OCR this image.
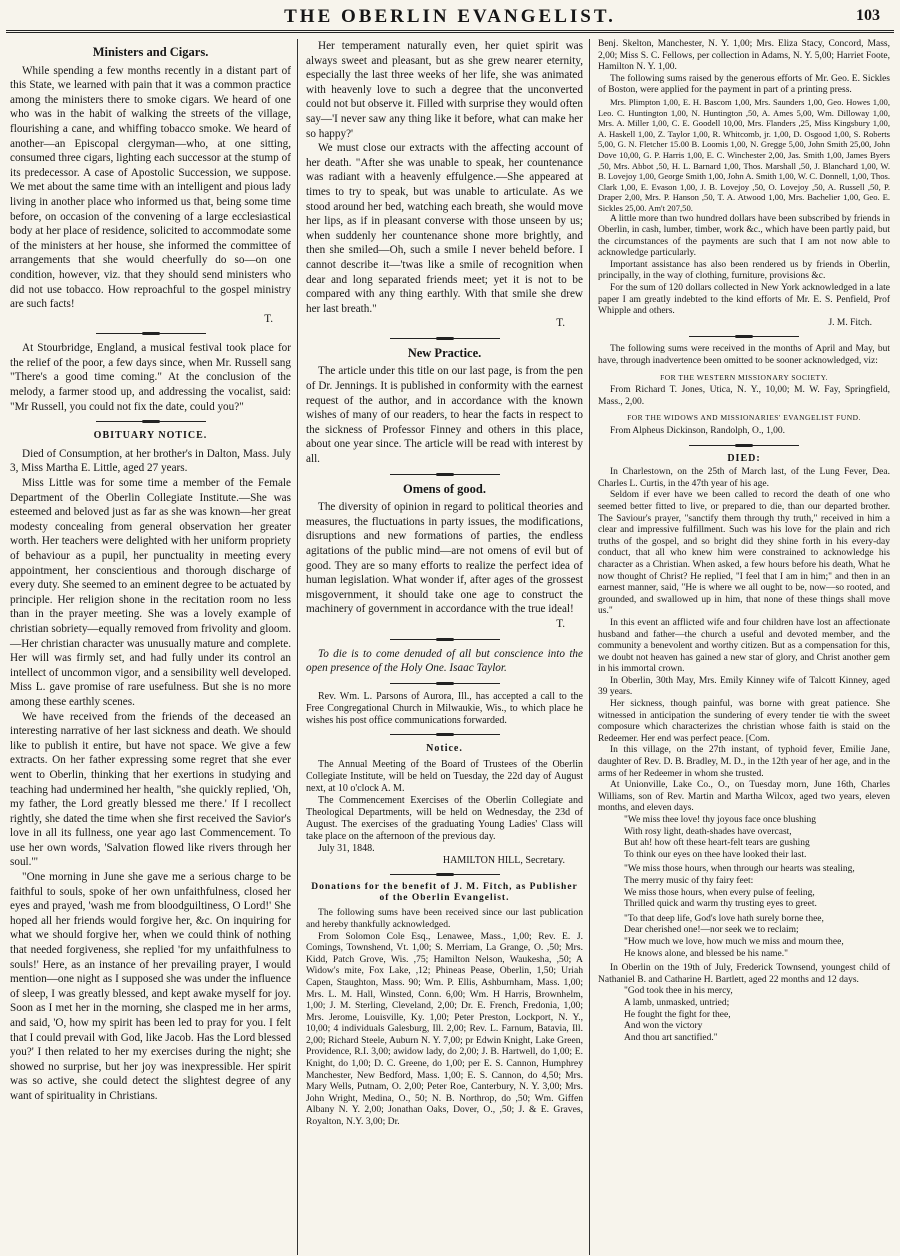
THE OBERLIN EVANGELIST.	103
Ministers and Cigars.

While spending a few months recently in a distant part of this State, we learned with pain that it was a common practice among the ministers there to smoke cigars. We heard of one who was in the habit of walking the streets of the village, flourishing a cane, and whiffing tobacco smoke. We heard of another—an Episcopal clergyman—who, at one sitting, consumed three cigars, lighting each successor at the stump of its predecessor. A case of Apostolic Succession, we suppose. We met about the same time with an intelligent and pious lady living in another place who informed us that, being some time before, on occasion of the convening of a large ecclesiastical body at her place of residence, solicited to accommodate some of the ministers at her house, she informed the committee of arrangements that she would cheerfully do so—on one condition, however, viz. that they should send ministers who did not use tobacco. How reproachful to the gospel ministry are such facts!

T.

At Stourbridge, England, a musical festival took place for the relief of the poor, a few days since, when Mr. Russell sang "There's a good time coming." At the conclusion of the melody, a farmer stood up, and addressing the vocalist, said: "Mr Russell, you could not fix the date, could you?"

OBITUARY NOTICE.

Died of Consumption, at her brother's in Dalton, Mass. July 3, Miss Martha E. Little, aged 27 years.

Miss Little was for some time a member of the Female Department of the Oberlin Collegiate Institute.—She was esteemed and beloved just as far as she was known—her great modesty concealing from general observation her greater worth. Her teachers were delighted with her uniform propriety of behaviour as a pupil, her punctuality in meeting every appointment, her conscientious and thorough discharge of every duty. She seemed to an eminent degree to be actuated by principle. Her religion shone in the recitation room no less than in the prayer meeting. She was a lovely example of christian sobriety—equally removed from frivolity and gloom.—Her christian character was unusually mature and complete. Her will was firmly set, and had fully under its control an intellect of uncommon vigor, and a sensibility well developed. Miss L. gave promise of rare usefulness. But she is no more among these earthly scenes.

We have received from the friends of the deceased an interesting narrative of her last sickness and death. We should like to publish it entire, but have not space. We give a few extracts. On her father expressing some regret that she ever went to Oberlin, thinking that her exertions in studying and teaching had undermined her health, "she quickly replied, 'Oh, my father, the Lord greatly blessed me there.' If I recollect rightly, she dated the time when she first received the Savior's love in all its fullness, one year ago last Commencement. To use her own words, 'Salvation flowed like rivers through her soul.'"

"One morning in June she gave me a serious charge to be faithful to souls, spoke of her own unfaithfulness, closed her eyes and prayed, 'wash me from bloodguiltiness, O Lord!' She hoped all her friends would forgive her, &c. On inquiring for what we should forgive her, when we could think of nothing that needed forgiveness, she replied 'for my unfaithfulness to souls!' Here, as an instance of her prevailing prayer, I would mention—one night as I supposed she was under the influence of sleep, I was greatly blessed, and kept awake myself for joy. Soon as I met her in the morning, she clasped me in her arms, and said, 'O, how my spirit has been led to pray for you. I felt that I could prevail with God, like Jacob. Has the Lord blessed you?' I then related to her my exercises during the night; she showed no surprise, but her joy was inexpressible. Her spirit was so active, she could detect the slightest degree of any want of spirituality in Christians.

Her temperament naturally even, her quiet spirit was always sweet and pleasant, but as she grew nearer eternity, especially the last three weeks of her life, she was animated with heavenly love to such a degree that the unconverted could not but observe it. Filled with surprise they would often say—'I never saw any thing like it before, what can make her so happy?'

We must close our extracts with the affecting account of her death. "After she was unable to speak, her countenance was radiant with a heavenly effulgence.—She appeared at times to try to speak, but was unable to articulate. As we stood around her bed, watching each breath, she would move her lips, as if in pleasant converse with those unseen by us; when suddenly her countenance shone more brightly, and then she smiled—Oh, such a smile I never beheld before. I cannot describe it—'twas like a smile of recognition when dear and long separated friends meet; yet it is not to be compared with any thing earthly. With that smile she drew her last breath."

T.
New Practice.

The article under this title on our last page, is from the pen of Dr. Jennings. It is published in conformity with the earnest request of the author, and in accordance with the known wishes of many of our readers, to hear the facts in respect to the sickness of Professor Finney and others in this place, about one year since. The article will be read with interest by all.

Omens of good.

The diversity of opinion in regard to political theories and measures, the fluctuations in party issues, the modifications, disruptions and new formations of parties, the endless agitations of the public mind—are not omens of evil but of good. They are so many efforts to realize the perfect idea of human legislation. What wonder if, after ages of the grossest misgovernment, it should take one age to construct the machinery of government in accordance with the true ideal!

T.

To die is to come denuded of all but conscience into the open presence of the Holy One. Isaac Taylor.

Rev. Wm. L. Parsons of Aurora, Ill., has accepted a call to the Free Congregational Church in Milwaukie, Wis., to which place he wishes his post office communications forwarded.

Notice.

The Annual Meeting of the Board of Trustees of the Oberlin Collegiate Institute, will be held on Tuesday, the 22d day of August next, at 10 o'clock A. M.

The Commencement Exercises of the Oberlin Collegiate and Theological Departments, will be held on Wednesday, the 23d of August. The exercises of the graduating Young Ladies' Class will take place on the afternoon of the previous day.

July 31, 1848.

HAMILTON HILL, Secretary.
Donations for the benefit of J. M. Fitch, as Publisher of the Oberlin Evangelist.

The following sums have been received since our last publication and hereby thankfully acknowledged.

From Solomon Cole Esq., Lenawee, Mass., 1,00; Rev. E. J. Comings, Townshend, Vt. 1,00; S. Merriam, La Grange, O. ,50; Mrs. Kidd, Patch Grove, Wis. ,75; Hamilton Nelson, Waukesha, ,50; A Widow's mite, Fox Lake, ,12; Phineas Pease, Oberlin, 1,50; Uriah Capen, Staughton, Mass. 90; Wm. P. Ellis, Ashburnham, Mass. 1,00; Mrs. L. M. Hall, Winsted, Conn. 6,00; Wm. H Harris, Brownhelm, 1,00; J. M. Sterling, Cleveland, 2,00; Dr. E. French, Fredonia, 1,00; Mrs. Jerome, Louisville, Ky. 1,00; Peter Preston, Lockport, N. Y., 10,00; 4 individuals Galesburg, Ill. 2,00; Rev. L. Farnum, Batavia, Ill. 2,00; Richard Steele, Auburn N. Y. 7,00; pr Edwin Knight, Lake Green, Providence, R.I. 3,00; awidow lady, do 2,00; J. B. Hartwell, do 1,00; E. Knight, do 1,00; D. C. Greene, do 1,00; per E. S. Cannon, Humphrey Manchester, New Bedford, Mass. 1,00; E. S. Cannon, do 4,50; Mrs. Mary Wells, Putnam, O. 2,00; Peter Roe, Canterbury, N. Y. 3,00; Mrs. John Wright, Medina, O., 50; N. B. Northrop, do ,50; Wm. Giffen Albany N. Y. 2,00; Jonathan Oaks, Dover, O., ,50; J. & E. Graves, Royalton, N.Y. 3,00; Dr.

Benj. Skelton, Manchester, N. Y. 1,00; Mrs. Eliza Stacy, Concord, Mass, 2,00; Miss S. C. Fellows, per collection in Adams, N. Y. 5,00; Harriet Foote, Hamilton N. Y. 1,00.

The following sums raised by the generous efforts of Mr. Geo. E. Sickles of Boston, were applied for the payment in part of a printing press.

Mrs. Plimpton 1,00, E. H. Bascom 1,00, Mrs. Saunders 1,00, Geo. Howes 1,00, Leo. C. Huntington 1,00, N. Huntington ,50, A. Ames 5,00, Wm. Dilloway 1,00, Mrs. A. Miller 1,00, C. E. Goodell 10,00, Mrs. Flanders ,25, Miss Kingsbury 1,00, A. Haskell 1,00, Z. Taylor 1,00, R. Whitcomb, jr. 1,00, D. Osgood 1,00, S. Roberts 5,00, G. N. Fletcher 15.00 B. Loomis 1,00, N. Gregge 5,00, John Smith 25,00, John Dove 10,00, G. P. Harris 1,00, E. C. Winchester 2,00, Jas. Smith 1,00, James Byers ,50, Mrs. Abbot ,50, H. L. Barnard 1,00, Thos. Marshall ,50, J. Blanchard 1,00, W. B. Lovejoy 1,00, George Smith 1,00, John A. Smith 1,00, W. C. Donnell, 1,00, Thos. Clark 1,00, E. Evason 1,00, J. B. Lovejoy ,50, O. Lovejoy ,50, A. Russell ,50, P. Draper 2,00, Mrs. P. Hanson ,50, T. A. Atwood 1,00, Mrs. Bachelier 1,00, Geo. E. Sickles 25,00. Am't 207,50.

A little more than two hundred dollars have been subscribed by friends in Oberlin, in cash, lumber, timber, work &c., which have been partly paid, but the circumstances of the payments are such that I am not now able to acknowledge particularly.

Important assistance has also been rendered us by friends in Oberlin, principally, in the way of clothing, furniture, provisions &c.

For the sum of 120 dollars collected in New York acknowledged in a late paper I am greatly indebted to the kind efforts of Mr. E. S. Penfield, Prof Whipple and others.

J. M. Fitch.

The following sums were received in the months of April and May, but have, through inadvertence been omitted to be sooner acknowledged, viz:

FOR THE WESTERN MISSIONARY SOCIETY.

From Richard T. Jones, Utica, N. Y., 10,00; M. W. Fay, Springfield, Mass., 2,00.

FOR THE WIDOWS AND MISSIONARIES' EVANGELIST FUND.

From Alpheus Dickinson, Randolph, O., 1,00.

DIED:

In Charlestown, on the 25th of March last, of the Lung Fever, Dea. Charles L. Curtis, in the 47th year of his age.

Seldom if ever have we been called to record the death of one who seemed better fitted to live, or prepared to die, than our departed brother. The Saviour's prayer, "sanctify them through thy truth," received in him a clear and impressive fulfillment. Such was his love for the plain and rich truths of the gospel, and so bright did they shine forth in his every-day conduct, that all who knew him were constrained to acknowledge his character as a Christian. When asked, a few hours before his death, What he now thought of Christ? He replied, "I feel that I am in him;" and then in an earnest manner, said, "He is where we all ought to be, now—so rooted, and grounded, and swallowed up in him, that none of these things shall move us."

In this event an afflicted wife and four children have lost an affectionate husband and father—the church a useful and devoted member, and the community a benevolent and worthy citizen. But as a compensation for this, we doubt not heaven has gained a new star of glory, and Christ another gem in his immortal crown.

In Oberlin, 30th May, Mrs. Emily Kinney wife of Talcott Kinney, aged 39 years.

Her sickness, though painful, was borne with great patience. She witnessed in anticipation the sundering of every tender tie with the sweet composure which characterizes the christian whose faith is staid on the Redeemer. Her end was perfect peace. [Com.

In this village, on the 27th instant, of typhoid fever, Emilie Jane, daughter of Rev. D. B. Bradley, M. D., in the 12th year of her age, and in the arms of her Redeemer in whom she trusted.

At Unionville, Lake Co., O., on Tuesday morn, June 16th, Charles Williams, son of Rev. Martin and Martha Wilcox, aged two years, eleven months, and eleven days.

"We miss thee love! thy joyous face once blushing
With rosy light, death-shades have overcast,
But ah! how oft these heart-felt tears are gushing
To think our eyes on thee have looked their last.
"We miss those hours, when through our hearts was stealing,
The merry music of thy fairy feet:
We miss those hours, when every pulse of feeling,
Thrilled quick and warm thy trusting eyes to greet.
"To that deep life, God's love hath surely borne thee,
Dear cherished one!—nor seek we to reclaim;
"How much we love, how much we miss and mourn thee,
He knows alone, and blessed be his name."

In Oberlin on the 19th of July, Frederick Townsend, youngest child of Nathaniel B. and Catharine H. Bartlett, aged 22 months and 12 days.

"God took thee in his mercy,
A lamb, unmasked, untried;
He fought the fight for thee,
And won the victory
And thou art sanctified."
